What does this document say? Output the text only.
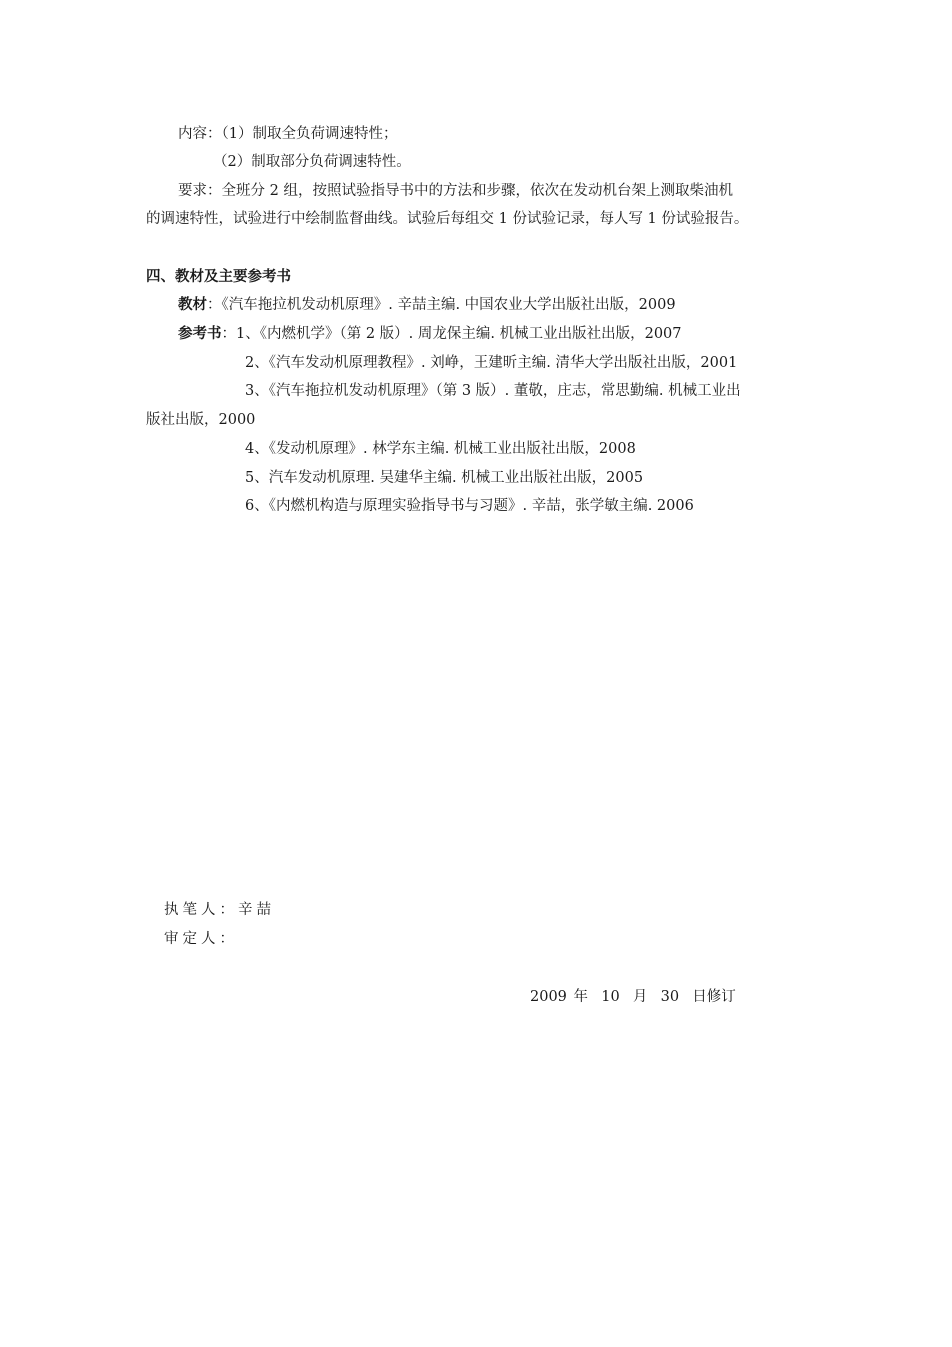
内容：（1）制取全负荷调速特性；
（2）制取部分负荷调速特性。
要求：全班分 2 组，按照试验指导书中的方法和步骤，依次在发动机台架上测取柴油机
的调速特性，试验进行中绘制监督曲线。试验后每组交 1 份试验记录，每人写 1 份试验报告。
四、教材及主要参考书
教材：《汽车拖拉机发动机原理》. 辛喆主编. 中国农业大学出版社出版，2009
参考书：1、《内燃机学》（第 2 版）. 周龙保主编. 机械工业出版社出版，2007
2、《汽车发动机原理教程》. 刘峥，王建昕主编. 清华大学出版社出版，2001
3、《汽车拖拉机发动机原理》（第 3 版）. 董敬，庄志，常思勤编. 机械工业出
版社出版，2000
4、《发动机原理》. 林学东主编. 机械工业出版社出版，2008
5、汽车发动机原理. 吴建华主编. 机械工业出版社出版，2005
6、《内燃机构造与原理实验指导书与习题》. 辛喆，张学敏主编. 2006
执笔人：辛喆
审定人：
2009 年  10  月  30  日修订
